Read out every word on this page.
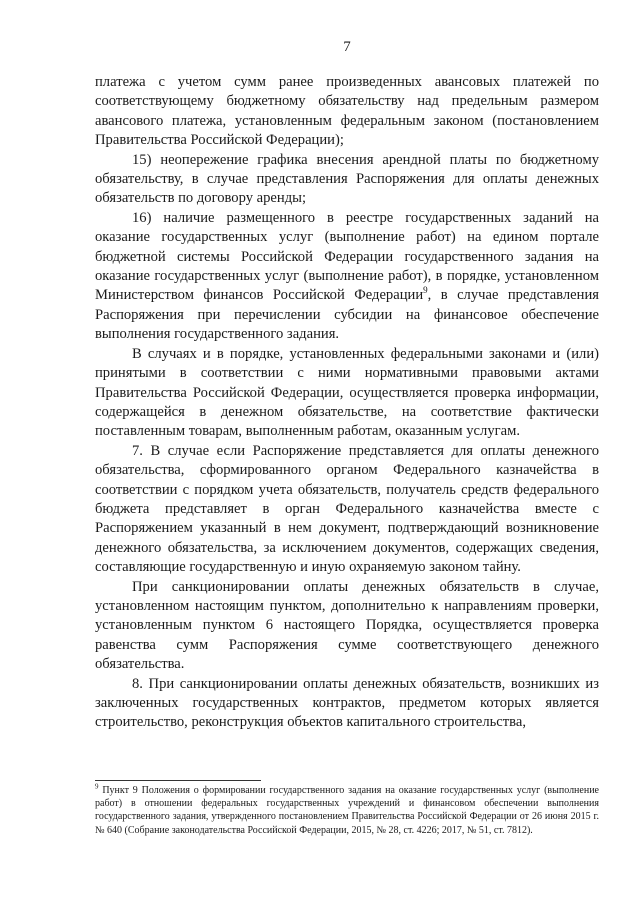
7

платежа с учетом сумм ранее произведенных авансовых платежей по соответствующему бюджетному обязательству над предельным размером авансового платежа, установленным федеральным законом (постановлением Правительства Российской Федерации);

15) неопережение графика внесения арендной платы по бюджетному обязательству, в случае представления Распоряжения для оплаты денежных обязательств по договору аренды;

16) наличие размещенного в реестре государственных заданий на оказание государственных услуг (выполнение работ) на едином портале бюджетной системы Российской Федерации государственного задания на оказание государственных услуг (выполнение работ), в порядке, установленном Министерством финансов Российской Федерации$^9$, в случае представления Распоряжения при перечислении субсидии на финансовое обеспечение выполнения государственного задания.

В случаях и в порядке, установленных федеральными законами и (или) принятыми в соответствии с ними нормативными правовыми актами Правительства Российской Федерации, осуществляется проверка информации, содержащейся в денежном обязательстве, на соответствие фактически поставленным товарам, выполненным работам, оказанным услугам.

7. В случае если Распоряжение представляется для оплаты денежного обязательства, сформированного органом Федерального казначейства в соответствии с порядком учета обязательств, получатель средств федерального бюджета представляет в орган Федерального казначейства вместе с Распоряжением указанный в нем документ, подтверждающий возникновение денежного обязательства, за исключением документов, содержащих сведения, составляющие государственную и иную охраняемую законом тайну.

При санкционировании оплаты денежных обязательств в случае, установленном настоящим пунктом, дополнительно к направлениям проверки, установленным пунктом 6 настоящего Порядка, осуществляется проверка равенства сумм Распоряжения сумме соответствующего денежного обязательства.

8. При санкционировании оплаты денежных обязательств, возникших из заключенных государственных контрактов, предметом которых является строительство, реконструкция объектов капитального строительства,

$^9$ Пункт 9 Положения о формировании государственного задания на оказание государственных услуг (выполнение работ) в отношении федеральных государственных учреждений и финансовом обеспечении выполнения государственного задания, утвержденного постановлением Правительства Российской Федерации от 26 июня 2015 г. № 640 (Собрание законодательства Российской Федерации, 2015, № 28, ст. 4226; 2017, № 51, ст. 7812).
